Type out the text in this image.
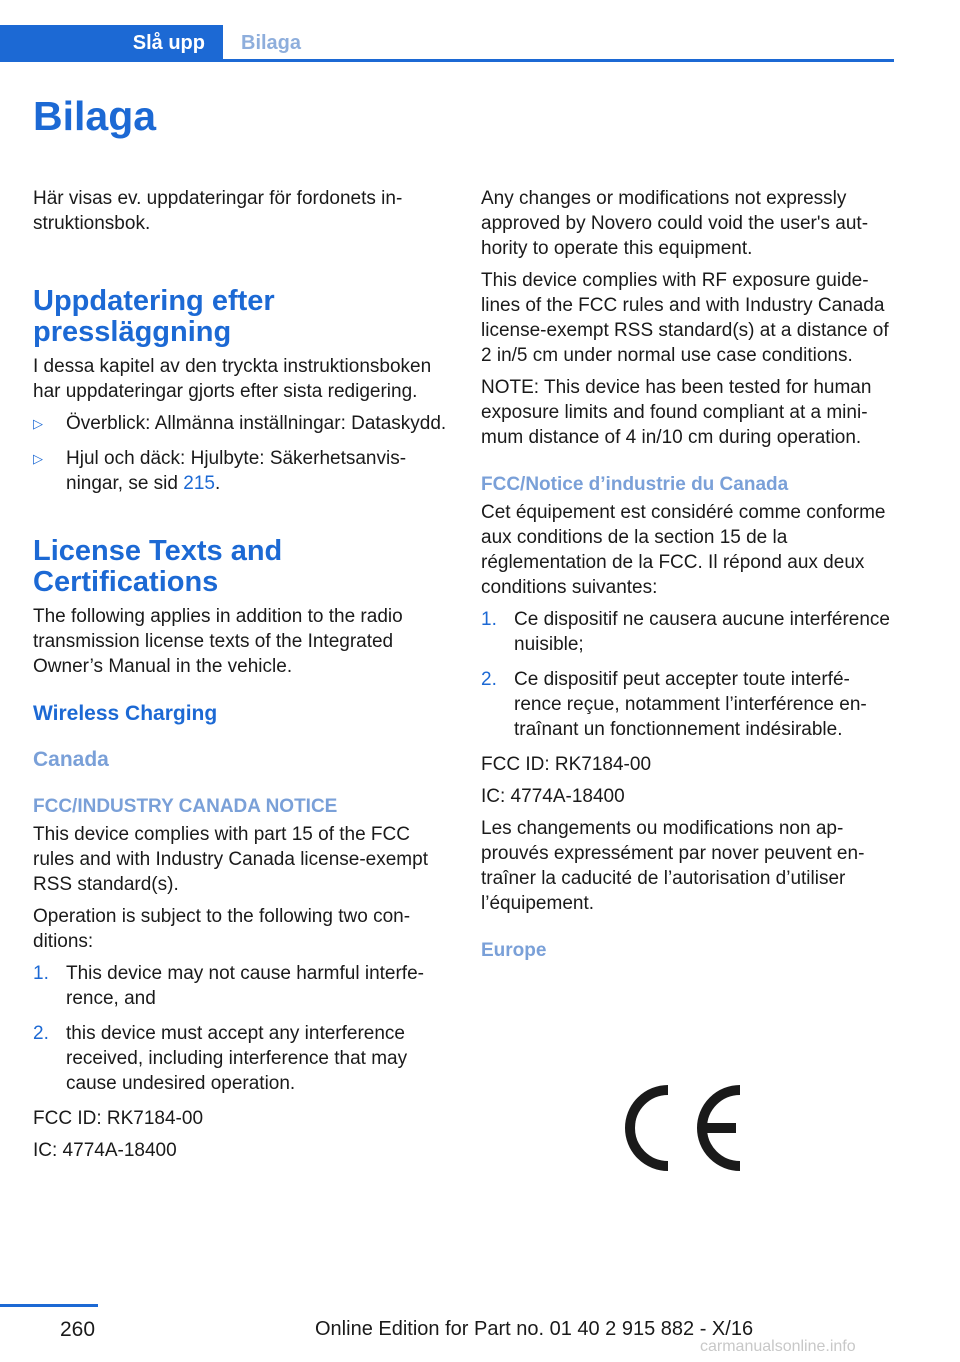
Slå upp Bilaga
Bilaga

Här visas ev. uppdateringar för fordonets instruktionsbok.

Uppdatering efter pressläggning

I dessa kapitel av den tryckta instruktionsboken har uppdateringar gjorts efter sista redigering.

▷ Överblick: Allmänna inställningar: Dataskydd.
▷ Hjul och däck: Hjulbyte: Säkerhetsanvisningar, se sid 215.
License Texts and Certifications

The following applies in addition to the radio transmission license texts of the Integrated Owner’s Manual in the vehicle.

Wireless Charging
Canada
FCC/INDUSTRY CANADA NOTICE

This device complies with part 15 of the FCC rules and with Industry Canada license-exempt RSS standard(s).

Operation is subject to the following two conditions:

1. This device may not cause harmful interference, and
2. this device must accept any interference received, including interference that may cause undesired operation.

FCC ID: RK7184-00

IC: 4774A-18400

Any changes or modifications not expressly approved by Novero could void the user's authority to operate this equipment.

This device complies with RF exposure guidelines of the FCC rules and with Industry Canada license-exempt RSS standard(s) at a distance of 2 in/5 cm under normal use case conditions.

NOTE: This device has been tested for human exposure limits and found compliant at a minimum distance of 4 in/10 cm during operation.

FCC/Notice d’industrie du Canada

Cet équipement est considéré comme conforme aux conditions de la section 15 de la réglementation de la FCC. Il répond aux deux conditions suivantes:

1. Ce dispositif ne causera aucune interférence nuisible;
2. Ce dispositif peut accepter toute interférence reçue, notamment l’interférence entraînant un fonctionnement indésirable.

FCC ID: RK7184-00

IC: 4774A-18400

Les changements ou modifications non approuvés expressément par nover peuvent entraîner la caducité de l’autorisation d’utiliser l’équipement.

Europe
260	Online Edition for Part no. 01 40 2 915 882 - X/16
carmanualsonline.info
